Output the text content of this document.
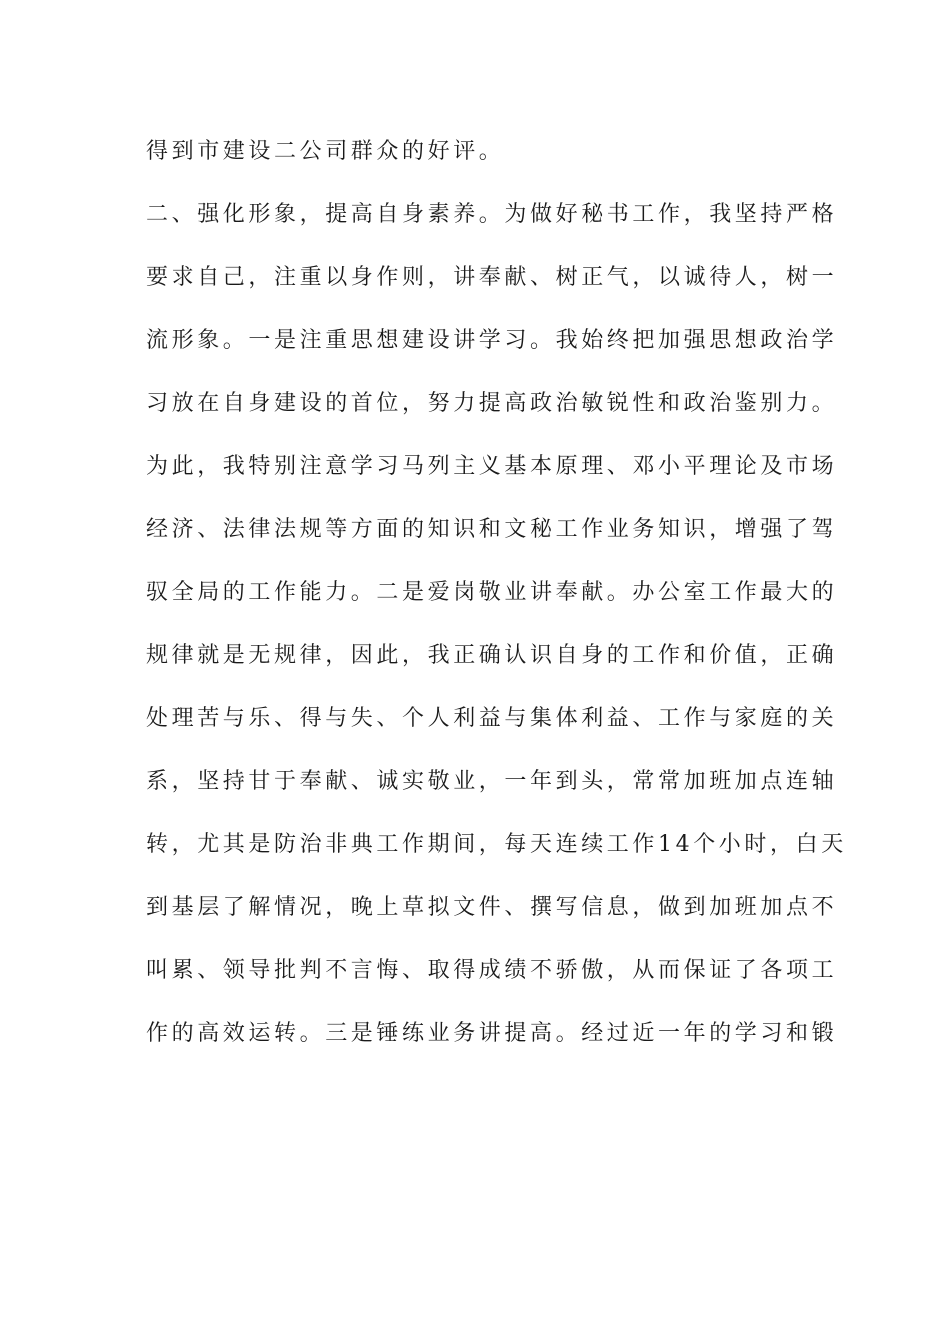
得到市建设二公司群众的好评。
二、强化形象，提高自身素养。为做好秘书工作，我坚持严格
要求自己，注重以身作则，讲奉献、树正气，以诚待人，树一
流形象。一是注重思想建设讲学习。我始终把加强思想政治学
习放在自身建设的首位，努力提高政治敏锐性和政治鉴别力。
为此，我特别注意学习马列主义基本原理、邓小平理论及市场
经济、法律法规等方面的知识和文秘工作业务知识，增强了驾
驭全局的工作能力。二是爱岗敬业讲奉献。办公室工作最大的
规律就是无规律，因此，我正确认识自身的工作和价值，正确
处理苦与乐、得与失、个人利益与集体利益、工作与家庭的关
系，坚持甘于奉献、诚实敬业，一年到头，常常加班加点连轴
转，尤其是防治非典工作期间，每天连续工作14个小时，白天
到基层了解情况，晚上草拟文件、撰写信息，做到加班加点不
叫累、领导批判不言悔、取得成绩不骄傲，从而保证了各项工
作的高效运转。三是锤练业务讲提高。经过近一年的学习和锻
